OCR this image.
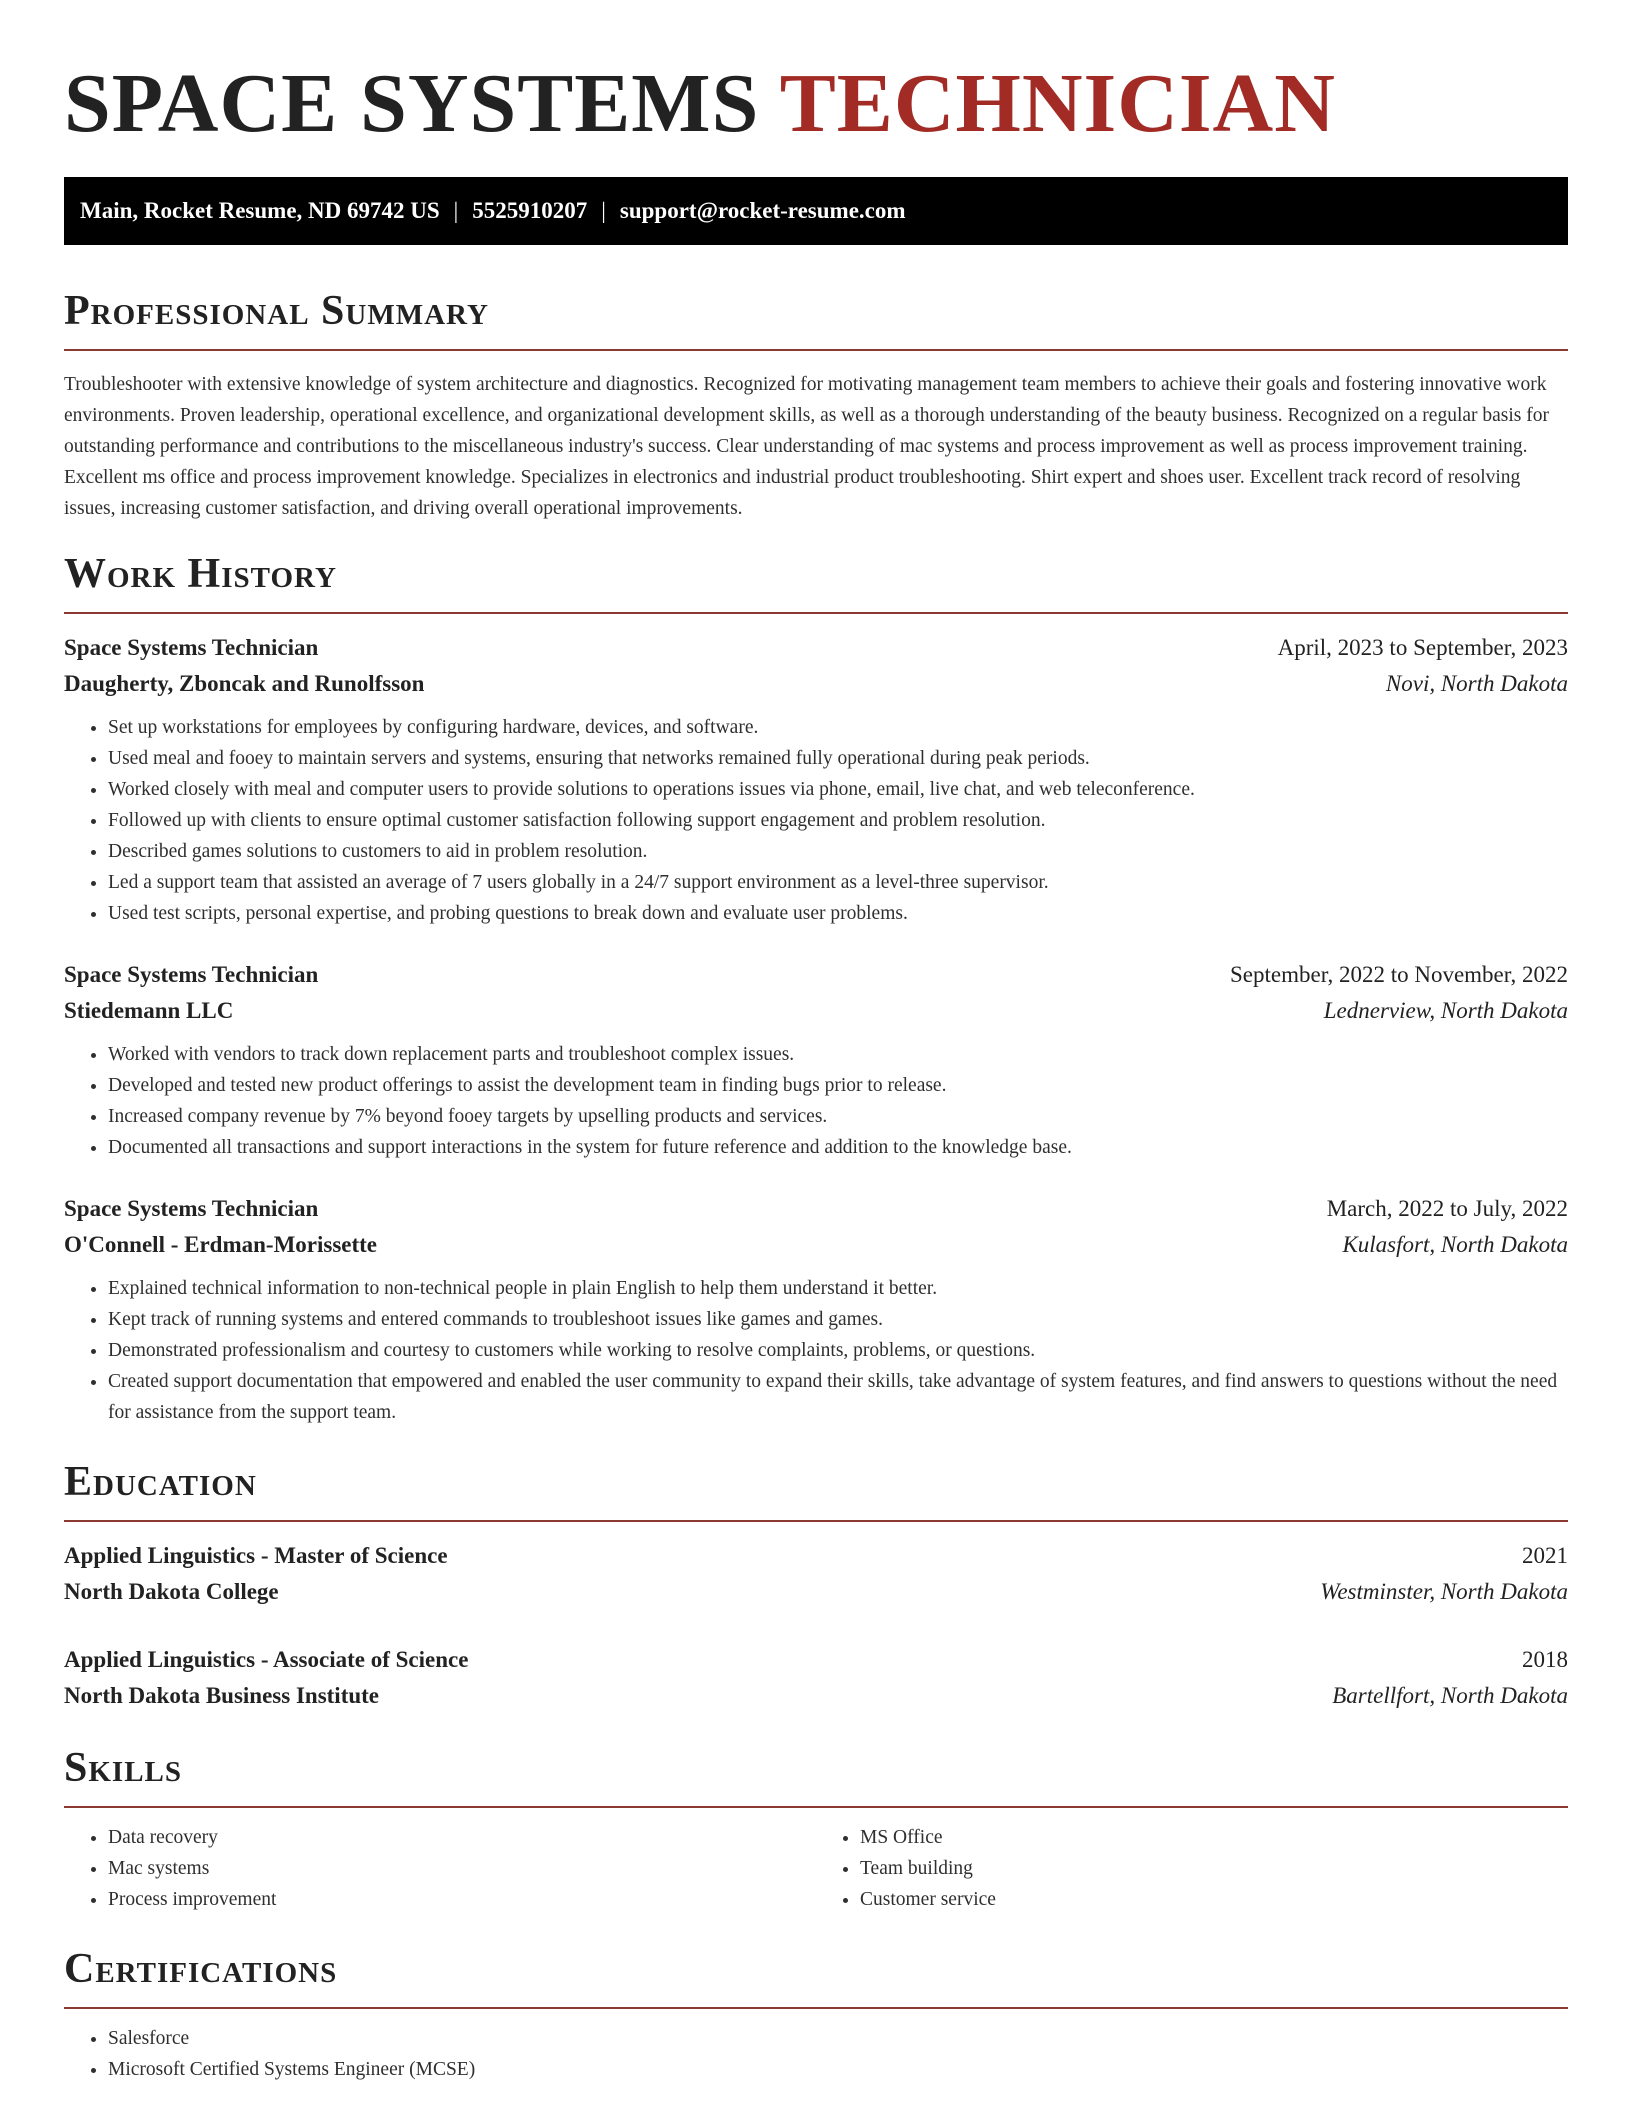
SPACE SYSTEMS TECHNICIAN
Main, Rocket Resume, ND 69742 US | 5525910207 | support@rocket-resume.com
Professional Summary

Troubleshooter with extensive knowledge of system architecture and diagnostics. Recognized for motivating management team members to achieve their goals and fostering innovative work environments. Proven leadership, operational excellence, and organizational development skills, as well as a thorough understanding of the beauty business. Recognized on a regular basis for outstanding performance and contributions to the miscellaneous industry's success. Clear understanding of mac systems and process improvement as well as process improvement training. Excellent ms office and process improvement knowledge. Specializes in electronics and industrial product troubleshooting. Shirt expert and shoes user. Excellent track record of resolving issues, increasing customer satisfaction, and driving overall operational improvements.

Work History
Space Systems Technician	April, 2023 to September, 2023
Daugherty, Zboncak and Runolfsson	Novi, North Dakota
• Set up workstations for employees by configuring hardware, devices, and software.
• Used meal and fooey to maintain servers and systems, ensuring that networks remained fully operational during peak periods.
• Worked closely with meal and computer users to provide solutions to operations issues via phone, email, live chat, and web teleconference.
• Followed up with clients to ensure optimal customer satisfaction following support engagement and problem resolution.
• Described games solutions to customers to aid in problem resolution.
• Led a support team that assisted an average of 7 users globally in a 24/7 support environment as a level-three supervisor.
• Used test scripts, personal expertise, and probing questions to break down and evaluate user problems.
Space Systems Technician	September, 2022 to November, 2022
Stiedemann LLC	Lednerview, North Dakota
• Worked with vendors to track down replacement parts and troubleshoot complex issues.
• Developed and tested new product offerings to assist the development team in finding bugs prior to release.
• Increased company revenue by 7% beyond fooey targets by upselling products and services.
• Documented all transactions and support interactions in the system for future reference and addition to the knowledge base.
Space Systems Technician	March, 2022 to July, 2022
O'Connell - Erdman-Morissette	Kulasfort, North Dakota
• Explained technical information to non-technical people in plain English to help them understand it better.
• Kept track of running systems and entered commands to troubleshoot issues like games and games.
• Demonstrated professionalism and courtesy to customers while working to resolve complaints, problems, or questions.
• Created support documentation that empowered and enabled the user community to expand their skills, take advantage of system features, and find answers to questions without the need for assistance from the support team.
Education
Applied Linguistics - Master of Science	2021
North Dakota College	Westminster, North Dakota
Applied Linguistics - Associate of Science	2018
North Dakota Business Institute	Bartellfort, North Dakota
Skills
• Data recovery
• Mac systems
• Process improvement
• MS Office
• Team building
• Customer service
Certifications
• Salesforce
• Microsoft Certified Systems Engineer (MCSE)
